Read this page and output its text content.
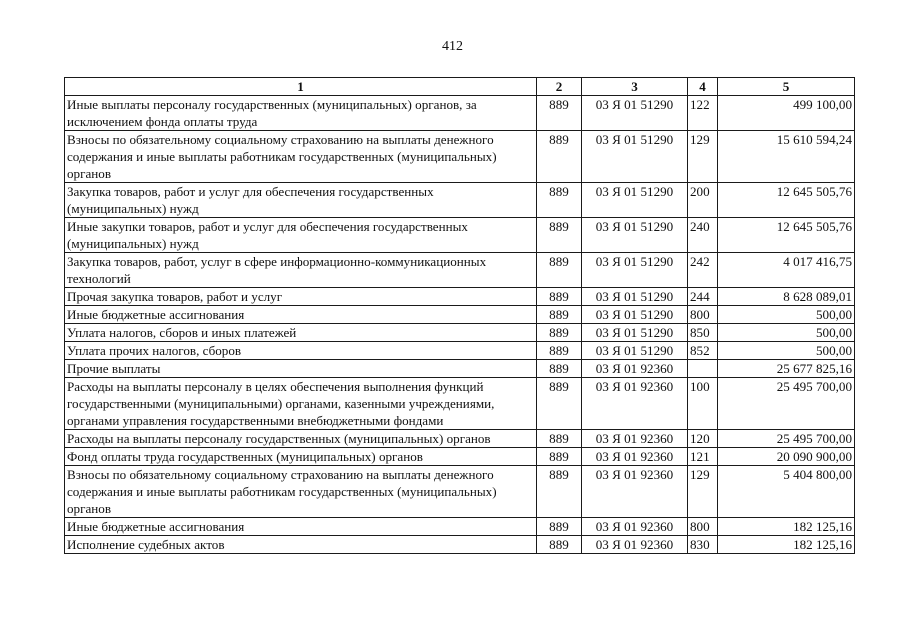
412
1	2	3	4	5
Иные выплаты персоналу государственных (муниципальных) органов, за исключением фонда оплаты труда	889	03 Я 01 51290	122	499 100,00
Взносы по обязательному социальному страхованию на выплаты денежного содержания и иные выплаты работникам государственных (муниципальных) органов	889	03 Я 01 51290	129	15 610 594,24
Закупка товаров, работ и услуг для обеспечения государственных (муниципальных) нужд	889	03 Я 01 51290	200	12 645 505,76
Иные закупки товаров, работ и услуг для обеспечения государственных (муниципальных) нужд	889	03 Я 01 51290	240	12 645 505,76
Закупка товаров, работ, услуг в сфере информационно-коммуникационных технологий	889	03 Я 01 51290	242	4 017 416,75
Прочая закупка товаров, работ и услуг	889	03 Я 01 51290	244	8 628 089,01
Иные бюджетные ассигнования	889	03 Я 01 51290	800	500,00
Уплата налогов, сборов и иных платежей	889	03 Я 01 51290	850	500,00
Уплата прочих налогов, сборов	889	03 Я 01 51290	852	500,00
Прочие выплаты	889	03 Я 01 92360		25 677 825,16
Расходы на выплаты персоналу в целях обеспечения выполнения функций государственными (муниципальными) органами, казенными учреждениями, органами управления государственными внебюджетными фондами	889	03 Я 01 92360	100	25 495 700,00
Расходы на выплаты персоналу государственных (муниципальных) органов	889	03 Я 01 92360	120	25 495 700,00
Фонд оплаты труда государственных (муниципальных) органов	889	03 Я 01 92360	121	20 090 900,00
Взносы по обязательному социальному страхованию на выплаты денежного содержания и иные выплаты работникам государственных (муниципальных) органов	889	03 Я 01 92360	129	5 404 800,00
Иные бюджетные ассигнования	889	03 Я 01 92360	800	182 125,16
Исполнение судебных актов	889	03 Я 01 92360	830	182 125,16
